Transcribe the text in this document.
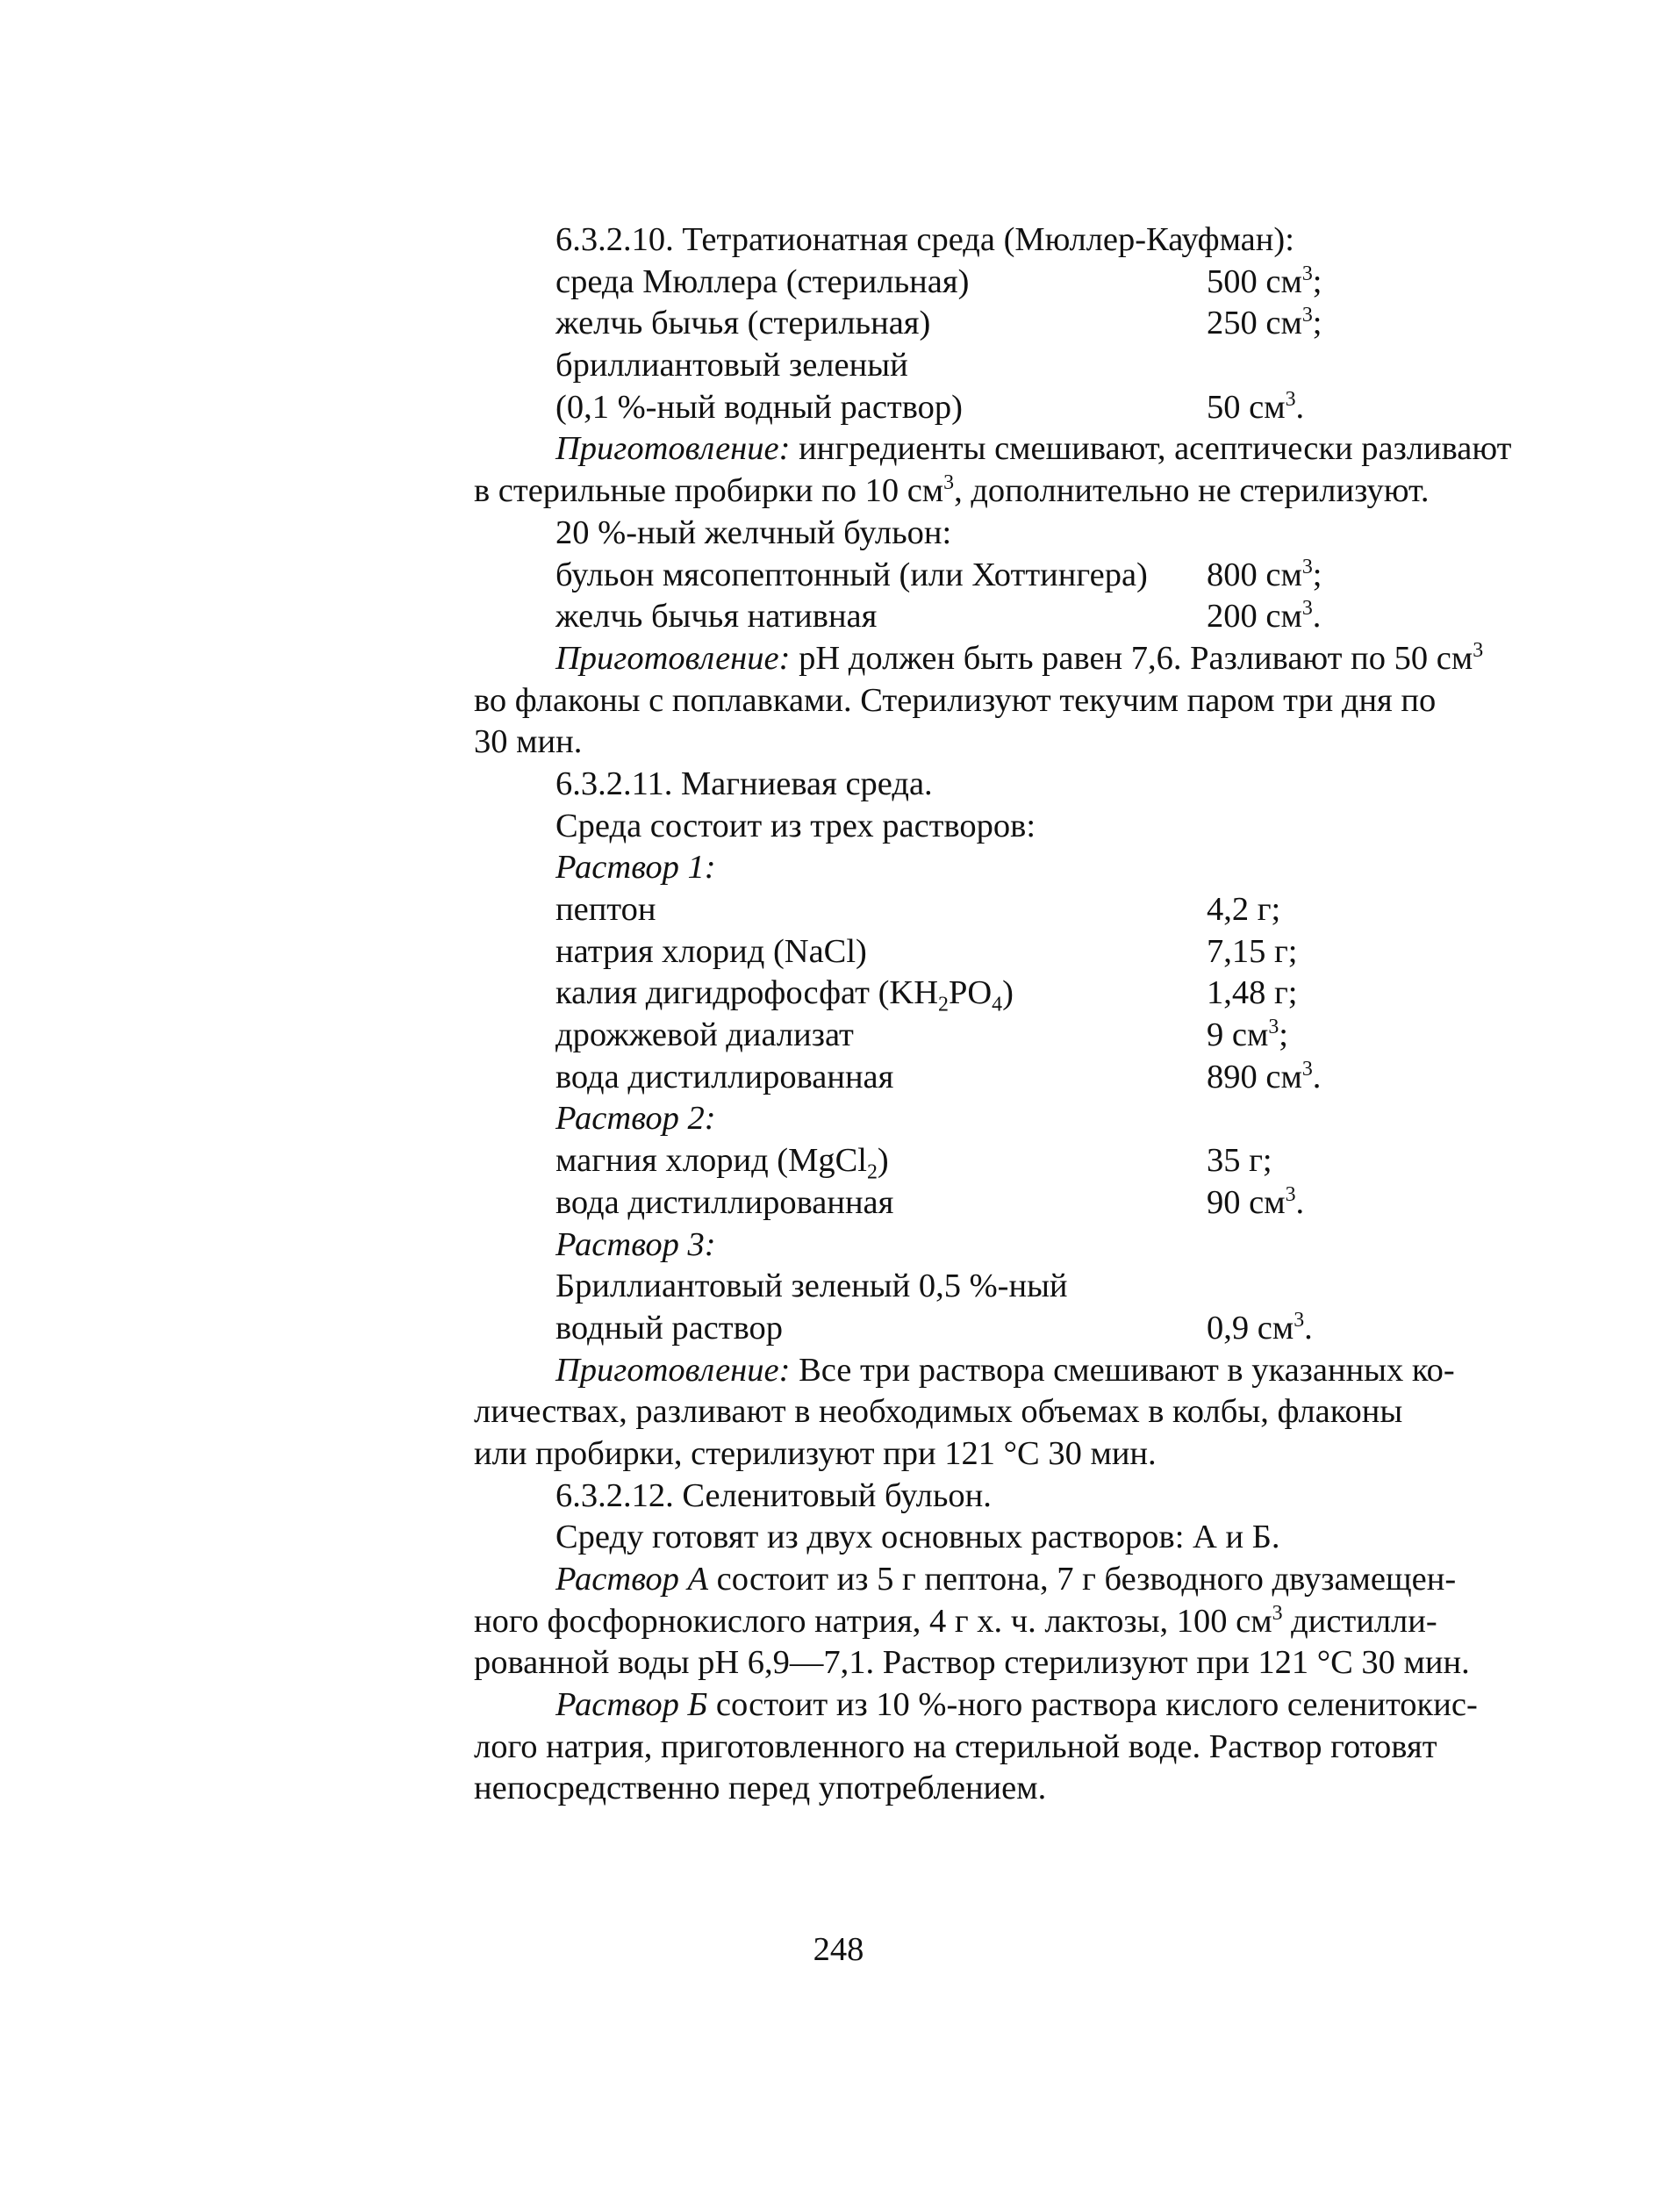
6.3.2.10. Тетратионатная среда (Мюллер-Кауфман):
среда Мюллера (стерильная)	500 $см^3$;
желчь бычья (стерильная)	250 $см^3$;
бриллиантовый зеленый
(0,1 %-ный водный раствор)	50 $см^3$.
Приготовление: ингредиенты смешивают, асептически разливают
в стерильные пробирки по 10 $см^3$, дополнительно не стерилизуют.
20 %-ный желчный бульон:
бульон мясопептонный (или Хоттингера)	800 $см^3$;
желчь бычья нативная	200 $см^3$.
Приготовление: рН должен быть равен 7,6. Разливают по 50 $см^3$
во флаконы с поплавками. Стерилизуют текучим паром три дня по
30 мин.
6.3.2.11. Магниевая среда.
Среда состоит из трех растворов:
Раствор 1:
пептон	4,2 г;
натрия хлорид (NaCl)	7,15 г;
калия дигидрофосфат $(KH_2PO_4)$	1,48 г;
дрожжевой диализат	9 $см^3$;
вода дистиллированная	890 $см^3$.
Раствор 2:
магния хлорид (MgCl$_2$)	35 г;
вода дистиллированная	90 $см^3$.
Раствор 3:
Бриллиантовый зеленый 0,5 %-ный
водный раствор	0,9 $см^3$.
Приготовление: Все три раствора смешивают в указанных ко-
личествах, разливают в необходимых объемах в колбы, флаконы
или пробирки, стерилизуют при 121 °С 30 мин.
6.3.2.12. Селенитовый бульон.
Среду готовят из двух основных растворов: А и Б.
Раствор А состоит из 5 г пептона, 7 г безводного двузамещен-
ного фосфорнокислого натрия, 4 г х. ч. лактозы, 100 $см^3$ дистилли-
рованной воды рН 6,9—7,1. Раствор стерилизуют при 121 °С 30 мин.
Раствор Б состоит из 10 %-ного раствора кислого селенитокис-
лого натрия, приготовленного на стерильной воде. Раствор готовят
непосредственно перед употреблением.
248
